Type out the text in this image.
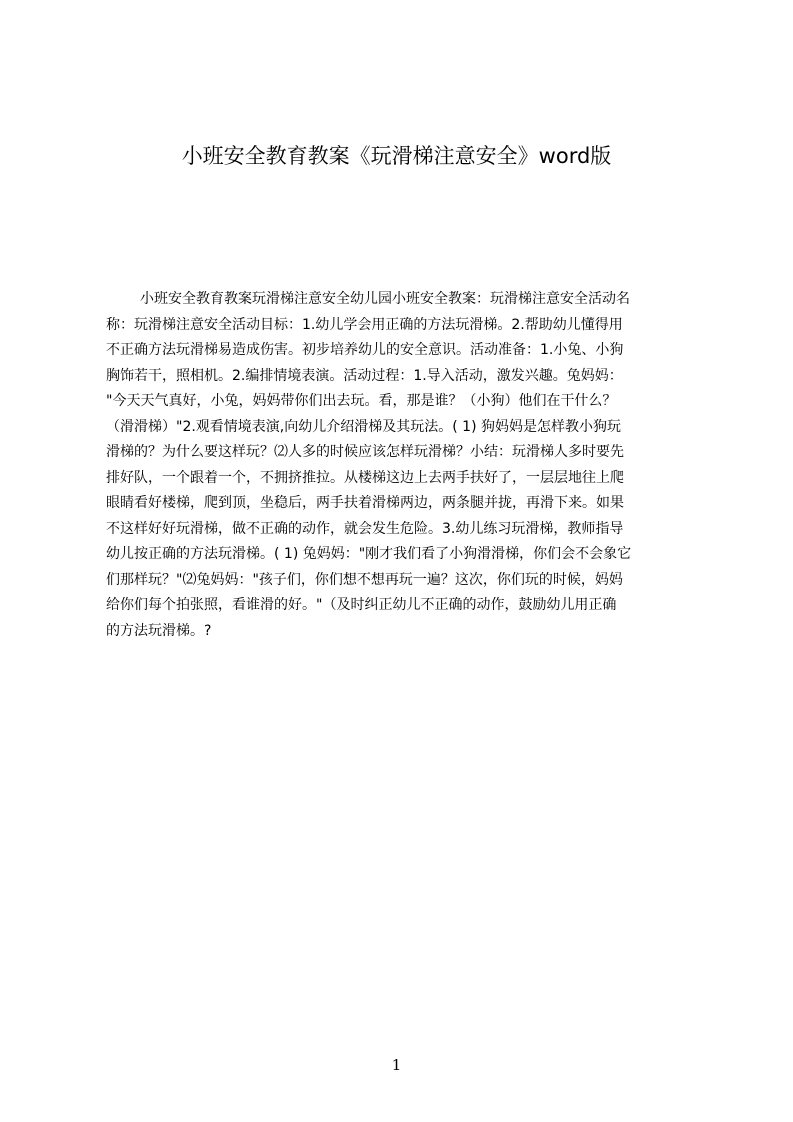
小班安全教育教案《玩滑梯注意安全》word版
小班安全教育教案玩滑梯注意安全幼儿园小班安全教案：玩滑梯注意安全活动名
称：玩滑梯注意安全活动目标：1.幼儿学会用正确的方法玩滑梯。2.帮助幼儿懂得用
不正确方法玩滑梯易造成伤害。初步培养幼儿的安全意识。活动准备：1.小兔、小狗
胸饰若干，照相机。2.编排情境表演。活动过程：1.导入活动，激发兴趣。兔妈妈：
"今天天气真好，小兔，妈妈带你们出去玩。看，那是谁？（小狗）他们在干什么？
（滑滑梯）"2.观看情境表演,向幼儿介绍滑梯及其玩法。( 1) 狗妈妈是怎样教小狗玩
滑梯的？为什么要这样玩？⑵人多的时候应该怎样玩滑梯？小结：玩滑梯人多时要先
排好队，一个跟着一个，不拥挤推拉。从楼梯这边上去两手扶好了，一层层地往上爬
眼睛看好楼梯，爬到顶，坐稳后，两手扶着滑梯两边，两条腿并拢，再滑下来。如果
不这样好好玩滑梯，做不正确的动作，就会发生危险。3.幼儿练习玩滑梯，教师指导
幼儿按正确的方法玩滑梯。( 1) 兔妈妈："刚才我们看了小狗滑滑梯，你们会不会象它
们那样玩？"⑵兔妈妈："孩子们，你们想不想再玩一遍？这次，你们玩的时候，妈妈
给你们每个拍张照，看谁滑的好。"（及时纠正幼儿不正确的动作，鼓励幼儿用正确
的方法玩滑梯。?
1
